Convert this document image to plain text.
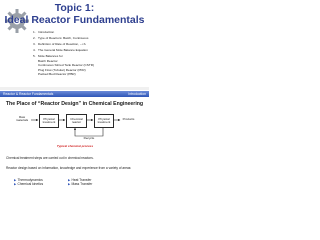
Topic 1:
Ideal Reactor Fundamentals
1. Introduction
2. Type of Reactors: Batch, Continuous
3. Definition of Rate of Reaction, – rA
4. The General Mole Balance Equation
5. Mole Balances for
Batch Reactor
Continuous Stirred Tank Reactor (CSTR)
Plug Flow (Tubular) Reactor (PFR)
Packed Bed Reactor (PBR)
Reactor & Reactor Fundamentals	Introduction
The Place of “Reactor Design” in Chemical Engineering
Raw materials	Physical treatment
Chemical reactor
Physical treatment
Products
Recycle
Typical chemical process
Chemical treatment steps are carried out in chemical reactors.
Reactor design based on information, knowledge and experience from a variety of areas:
▶Thermodynamics
▶Chemical kinetics
▶Heat Transfer
▶Mass Transfer
